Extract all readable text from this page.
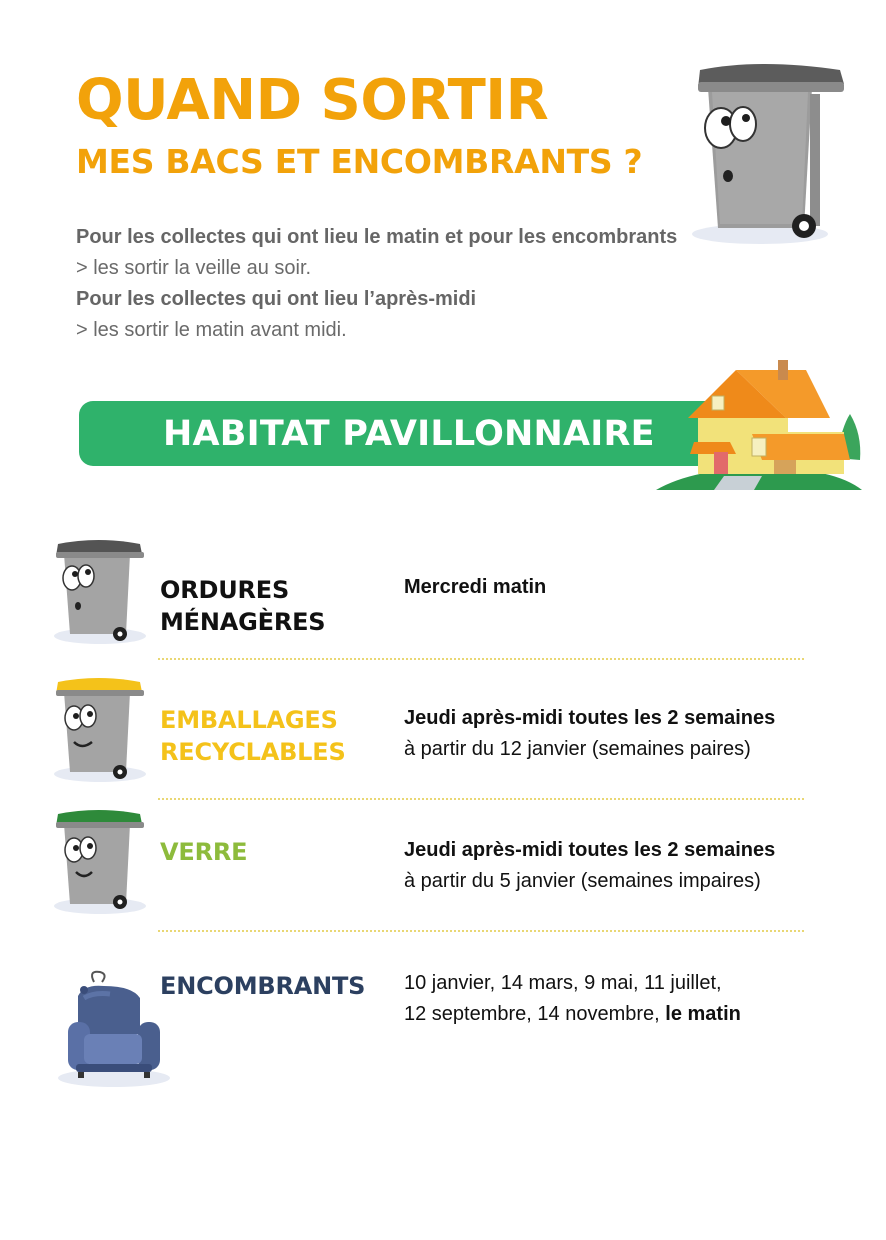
QUAND SORTIR
MES BACS ET ENCOMBRANTS ?

Pour les collectes qui ont lieu le matin et pour les encombrants

> les sortir la veille au soir.

Pour les collectes qui ont lieu l’après-midi

> les sortir le matin avant midi.

HABITAT PAVILLONNAIRE

ORDURES
MÉNAGÈRES
Mercredi matin
EMBALLAGES
RECYCLABLES
Jeudi après-midi toutes les 2 semaines
à partir du 12 janvier (semaines paires)
VERRE	Jeudi après-midi toutes les 2 semaines
à partir du 5 janvier (semaines impaires)
ENCOMBRANTS 10 janvier, 14 mars, 9 mai, 11 juillet,
12 septembre, 14 novembre, le matin
